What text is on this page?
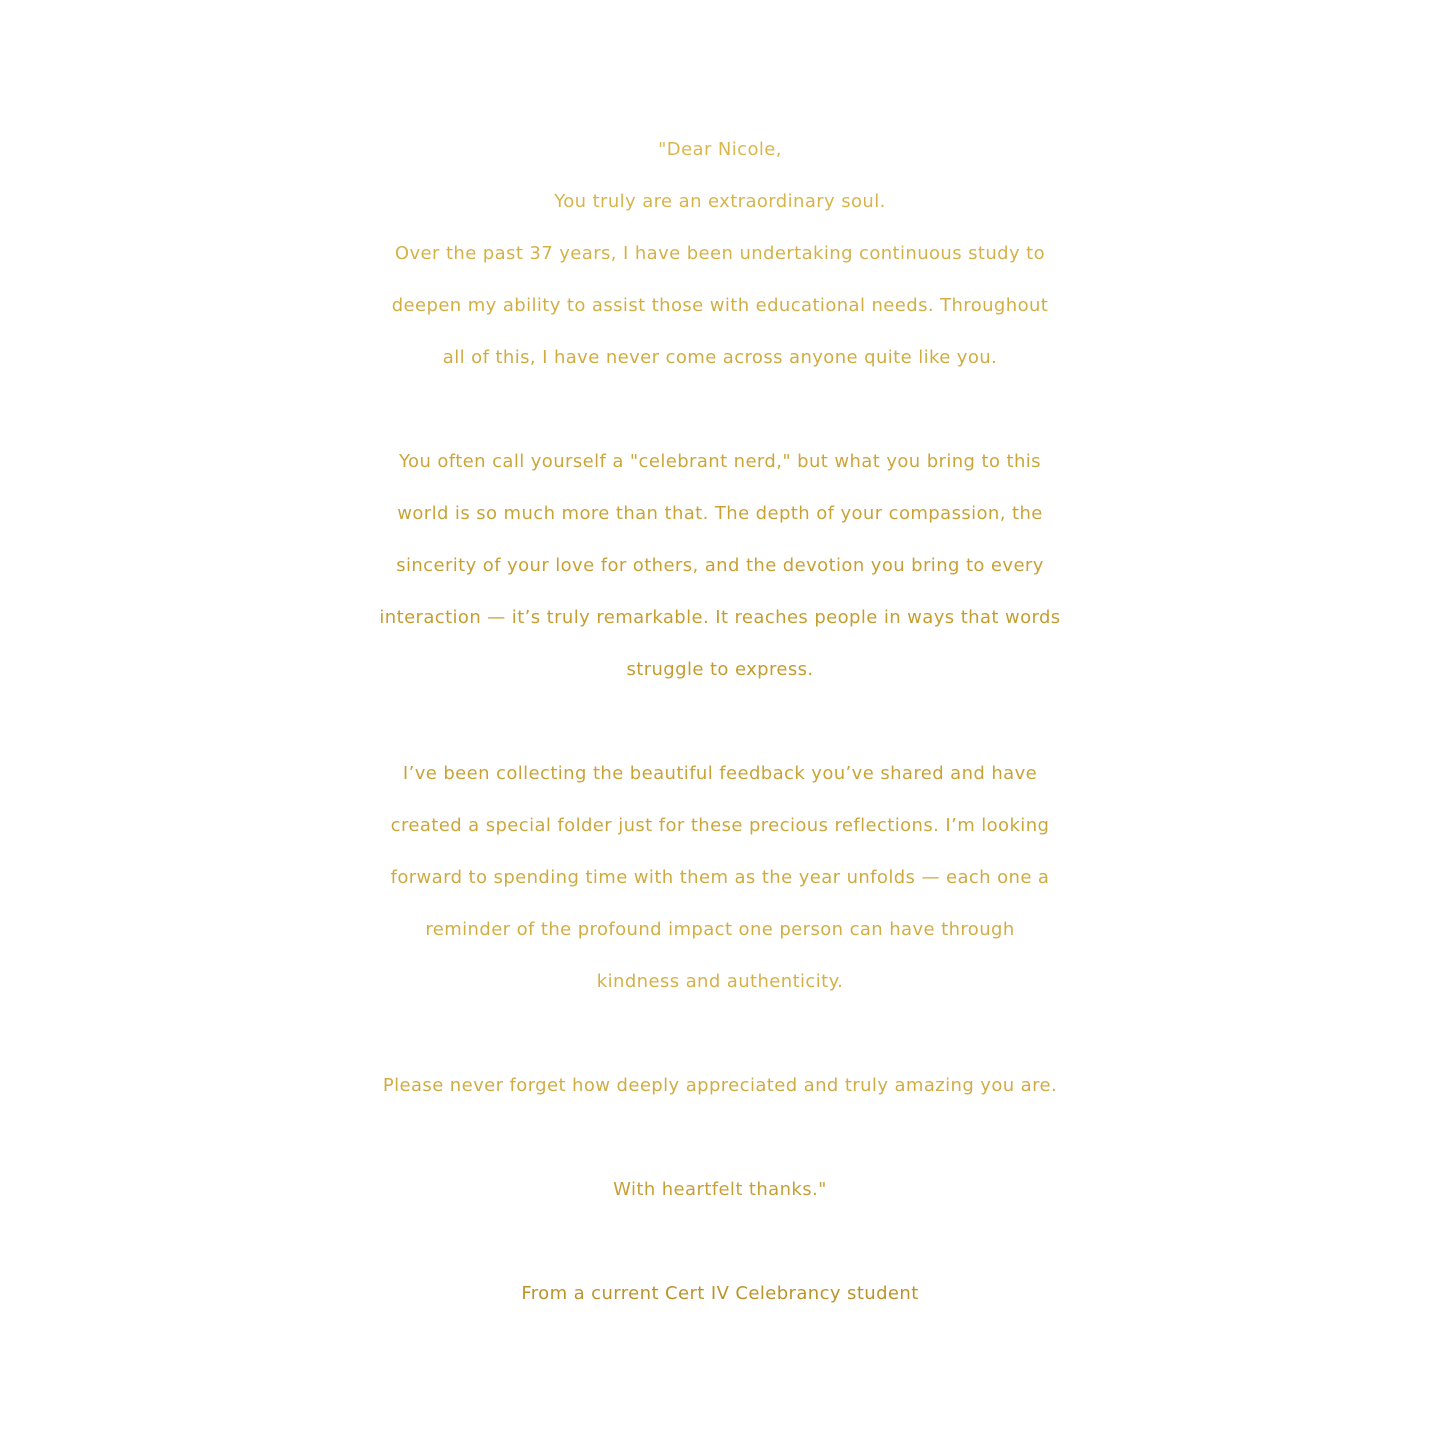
"Dear Nicole,
You truly are an extraordinary soul.
Over the past 37 years, I have been undertaking continuous study to
deepen my ability to assist those with educational needs. Throughout
all of this, I have never come across anyone quite like you.
You often call yourself a "celebrant nerd," but what you bring to this
world is so much more than that. The depth of your compassion, the
sincerity of your love for others, and the devotion you bring to every
interaction — it’s truly remarkable. It reaches people in ways that words
struggle to express.
I’ve been collecting the beautiful feedback you’ve shared and have
created a special folder just for these precious reflections. I’m looking
forward to spending time with them as the year unfolds — each one a
reminder of the profound impact one person can have through
kindness and authenticity.
Please never forget how deeply appreciated and truly amazing you are.
With heartfelt thanks."
From a current Cert IV Celebrancy student
